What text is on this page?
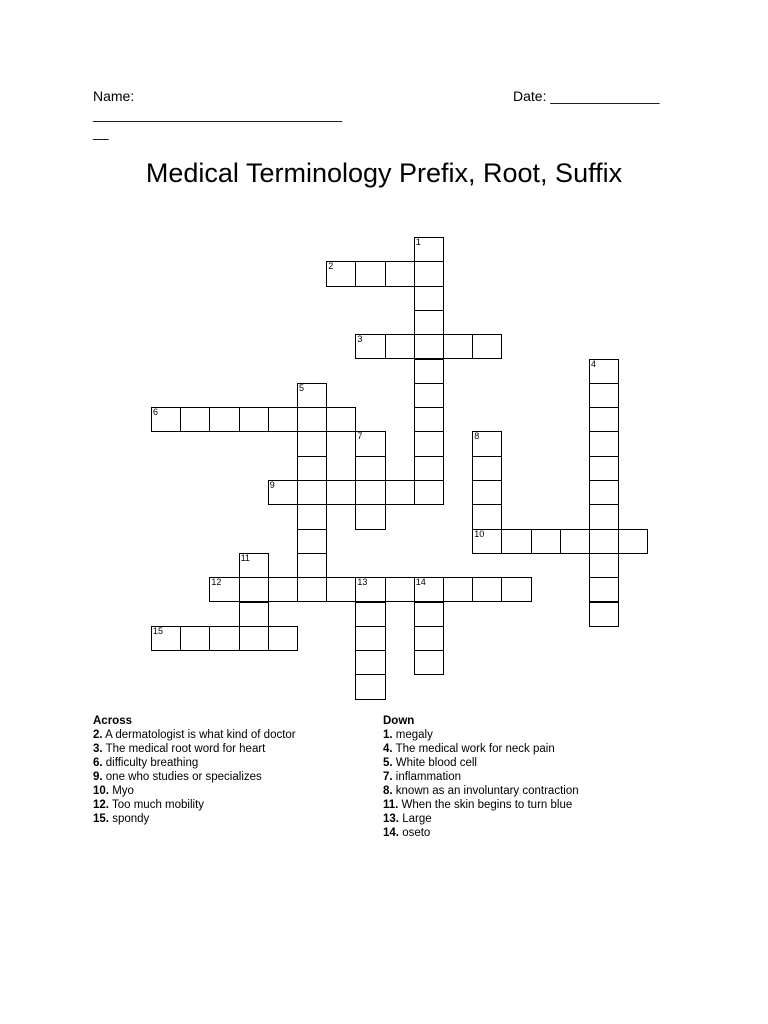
Name:
________________________________
__
Date: ______________
Medical Terminology Prefix, Root, Suffix
1
2
3
4
5
6
7	8
10
9
11
12	13	14
15
Across
2. A dermatologist is what kind of doctor
3. The medical root word for heart
6. difficulty breathing
9. one who studies or specializes
10. Myo
12. Too much mobility
15. spondy
Down
1. megaly
4. The medical work for neck pain
5. White blood cell
7. inflammation
8. known as an involuntary contraction
11. When the skin begins to turn blue
13. Large
14. oseto
